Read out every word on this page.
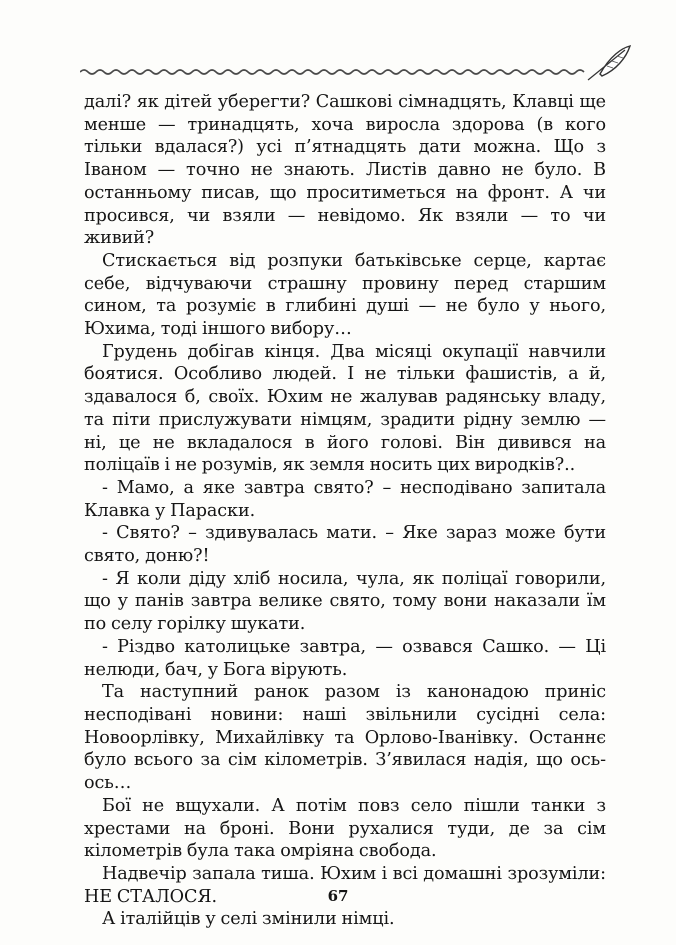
далі? як дітей уберегти? Сашкові сімнадцять, Клавці ще менше — тринадцять, хоча виросла здорова (в кого тільки вдалася?) усі п’ятнадцять дати можна. Що з Іваном — точно не знають. Листів давно не було. В останньому писав, що проситиметься на фронт. А чи просився, чи взяли — невідомо. Як взяли — то чи живий?

Стискається від розпуки батьківське серце, картає себе, відчуваючи страшну провину перед старшим сином, та розуміє в глибині душі — не було у нього, Юхима, тоді іншого вибору…

Грудень добігав кінця. Два місяці окупації навчили боятися. Особливо людей. І не тільки фашистів, а й, здавалося б, своїх. Юхим не жалував радянську владу, та піти прислужувати німцям, зрадити рідну землю — ні, це не вкладалося в його голові. Він дивився на поліцаїв і не розумів, як земля носить цих виродків?..

- Мамо, а яке завтра свято? – несподівано запитала Клавка у Параски.

- Свято? – здивувалась мати. – Яке зараз може бути свято, доню?!

- Я коли діду хліб носила, чула, як поліцаї говорили, що у панів завтра велике свято, тому вони наказали їм по селу горілку шукати.

- Різдво католицьке завтра, — озвався Сашко. — Ці нелюди, бач, у Бога вірують.

Та наступний ранок разом із канонадою приніс несподівані новини: наші звільнили сусідні села: Новоорлівку, Михайлівку та Орлово-Іванівку. Останнє було всього за сім кілометрів. З’явилася надія, що ось-ось…

Бої не вщухали. А потім повз село пішли танки з хрестами на броні. Вони рухалися туди, де за сім кілометрів була така омріяна свобода.

Надвечір запала тиша. Юхим і всі домашні зрозуміли: НЕ СТАЛОСЯ.

А італійців у селі змінили німці.

67
